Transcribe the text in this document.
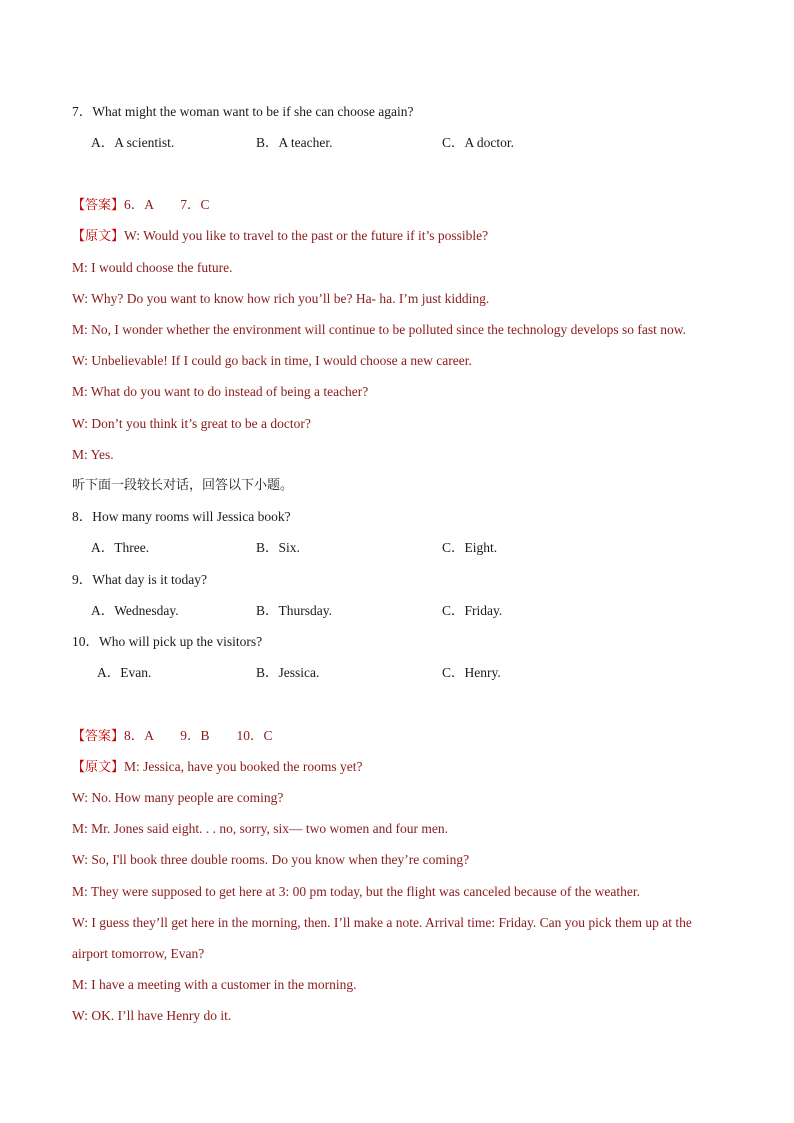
7．What might the woman want to be if she can choose again?
A．A scientist.	B．A teacher.	C．A doctor.
【答案】6．A　　7．C
【原文】W: Would you like to travel to the past or the future if it’s possible?
M: I would choose the future.
W: Why? Do you want to know how rich you’ll be? Ha- ha. I’m just kidding.
M: No, I wonder whether the environment will continue to be polluted since the technology develops so fast now.
W: Unbelievable! If I could go back in time, I would choose a new career.
M: What do you want to do instead of being a teacher?
W: Don’t you think it’s great to be a doctor?
M: Yes.
听下面一段较长对话，回答以下小题。
8．How many rooms will Jessica book?
A．Three.	B．Six.	C．Eight.
9．What day is it today?
A．Wednesday.	B．Thursday.	C．Friday.
10．Who will pick up the visitors?
A．Evan.	B．Jessica.	C．Henry.
【答案】8．A　　9．B　　10．C
【原文】M: Jessica, have you booked the rooms yet?
W: No. How many people are coming?
M: Mr. Jones said eight. . . no, sorry, six— two women and four men.
W: So, I'll book three double rooms. Do you know when they’re coming?
M: They were supposed to get here at 3: 00 pm today, but the flight was canceled because of the weather.
W: I guess they’ll get here in the morning, then. I’ll make a note. Arrival time: Friday. Can you pick them up at the
airport tomorrow, Evan?
M: I have a meeting with a customer in the morning.
W: OK. I’ll have Henry do it.
